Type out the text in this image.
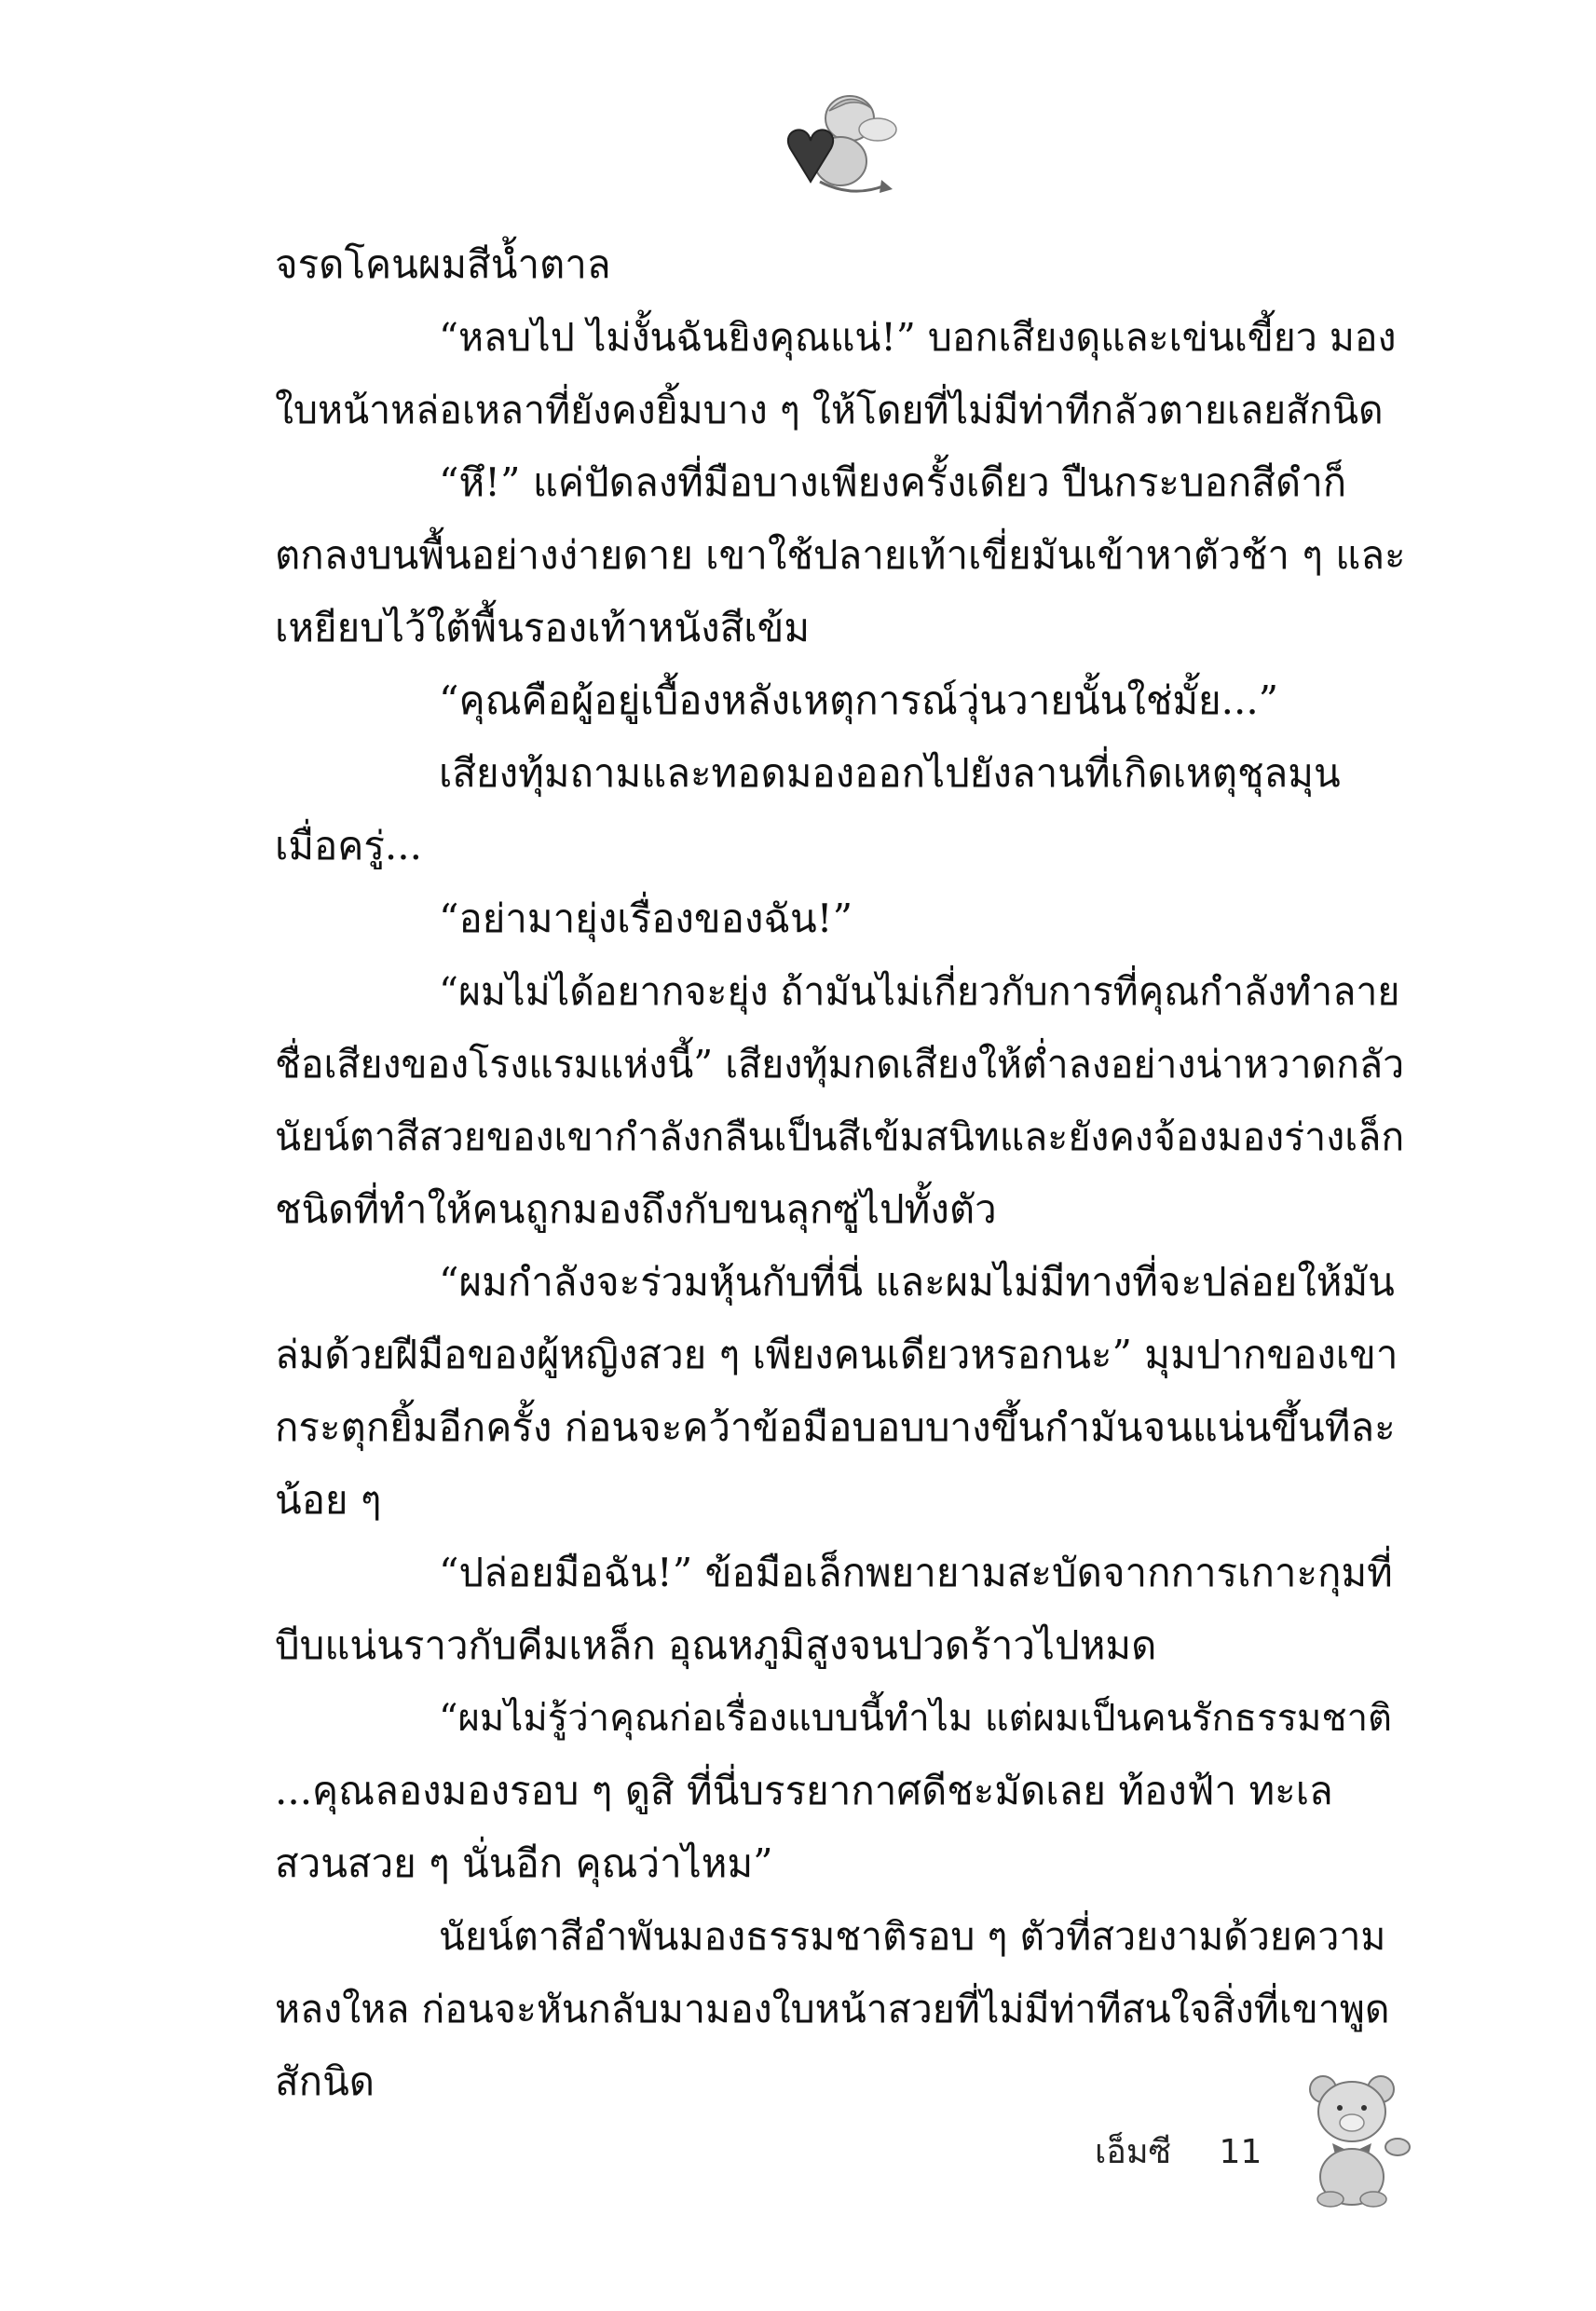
จรดโคนผมสีน้ำตาล
“หลบไป ไม่งั้นฉันยิงคุณแน่!” บอกเสียงดุและเข่นเขี้ยว มอง
ใบหน้าหล่อเหลาที่ยังคงยิ้มบาง ๆ ให้โดยที่ไม่มีท่าทีกลัวตายเลยสักนิด
“หึ!” แค่ปัดลงที่มือบางเพียงครั้งเดียว ปืนกระบอกสีดำก็
ตกลงบนพื้นอย่างง่ายดาย เขาใช้ปลายเท้าเขี่ยมันเข้าหาตัวช้า ๆ และ
เหยียบไว้ใต้พื้นรองเท้าหนังสีเข้ม
“คุณคือผู้อยู่เบื้องหลังเหตุการณ์วุ่นวายนั้นใช่มั้ย...”
เสียงทุ้มถามและทอดมองออกไปยังลานที่เกิดเหตุชุลมุน
เมื่อครู่...
“อย่ามายุ่งเรื่องของฉัน!”
“ผมไม่ได้อยากจะยุ่ง ถ้ามันไม่เกี่ยวกับการที่คุณกำลังทำลาย
ชื่อเสียงของโรงแรมแห่งนี้” เสียงทุ้มกดเสียงให้ต่ำลงอย่างน่าหวาดกลัว
นัยน์ตาสีสวยของเขากำลังกลืนเป็นสีเข้มสนิทและยังคงจ้องมองร่างเล็ก
ชนิดที่ทำให้คนถูกมองถึงกับขนลุกซู่ไปทั้งตัว
“ผมกำลังจะร่วมหุ้นกับที่นี่ และผมไม่มีทางที่จะปล่อยให้มัน
ล่มด้วยฝีมือของผู้หญิงสวย ๆ เพียงคนเดียวหรอกนะ” มุมปากของเขา
กระตุกยิ้มอีกครั้ง ก่อนจะคว้าข้อมือบอบบางขึ้นกำมันจนแน่นขึ้นทีละ
น้อย ๆ
“ปล่อยมือฉัน!” ข้อมือเล็กพยายามสะบัดจากการเกาะกุมที่
บีบแน่นราวกับคีมเหล็ก อุณหภูมิสูงจนปวดร้าวไปหมด
“ผมไม่รู้ว่าคุณก่อเรื่องแบบนี้ทำไม แต่ผมเป็นคนรักธรรมชาติ
...คุณลองมองรอบ ๆ ดูสิ ที่นี่บรรยากาศดีชะมัดเลย ท้องฟ้า ทะเล
สวนสวย ๆ นั่นอีก คุณว่าไหม”
นัยน์ตาสีอำพันมองธรรมชาติรอบ ๆ ตัวที่สวยงามด้วยความ
หลงใหล ก่อนจะหันกลับมามองใบหน้าสวยที่ไม่มีท่าทีสนใจสิ่งที่เขาพูด
สักนิด
เอ็มซี 11
